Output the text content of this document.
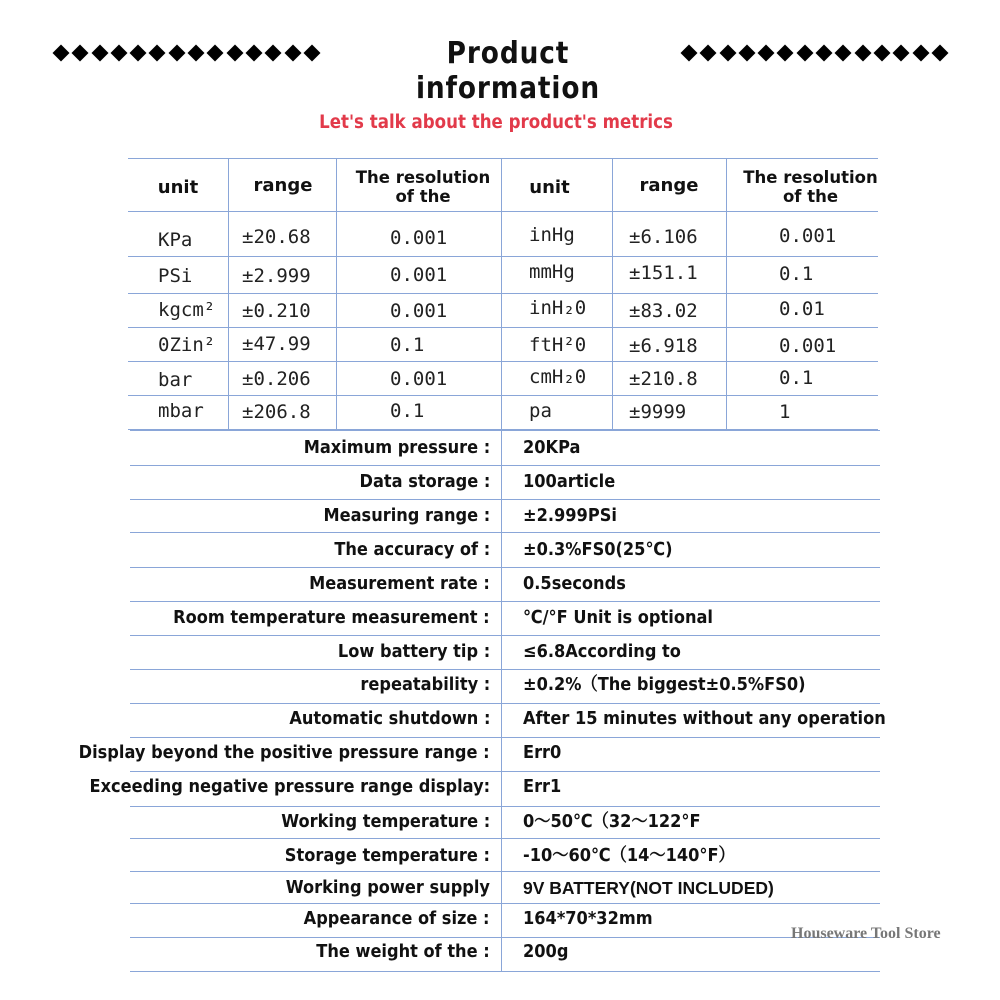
Product information
Let's talk about the product's metrics
unit	range	The resolution of the	unit	range	The resolution of the
KPa	±20.68	0.001	inHg	±6.106	0.001
PSi	±2.999	0.001	mmHg	±151.1	0.1
kgcm² ±0.210	0.001	inH₂0 ±83.02	0.01
0Zin² ±47.99	0.1	ftH²0 ±6.918	0.001
bar	±0.206	0.001	cmH₂0 ±210.8	0.1
mbar ±206.8	0.1	pa	±9999	1
Maximum pressure : 20KPa
Data storage : 100article
Measuring range : ±2.999PSi
The accuracy of : ±0.3%FS0(25℃)
Measurement rate : 0.5seconds
Room temperature measurement : ℃/°F Unit is optional
Low battery tip : ≤6.8According to
repeatability : ±0.2%（The biggest±0.5%FS0)
Automatic shutdown : After 15 minutes without any operation
Display beyond the positive pressure range : Err0
Exceeding negative pressure range display: Err1
Working temperature : 0～50℃（32～122°F
Storage temperature : -10～60℃（14～140°F）
Working power supply 9V BATTERY(NOT INCLUDED)
Appearance of size : 164*70*32mm
The weight of the : 200g
Houseware Tool Store
